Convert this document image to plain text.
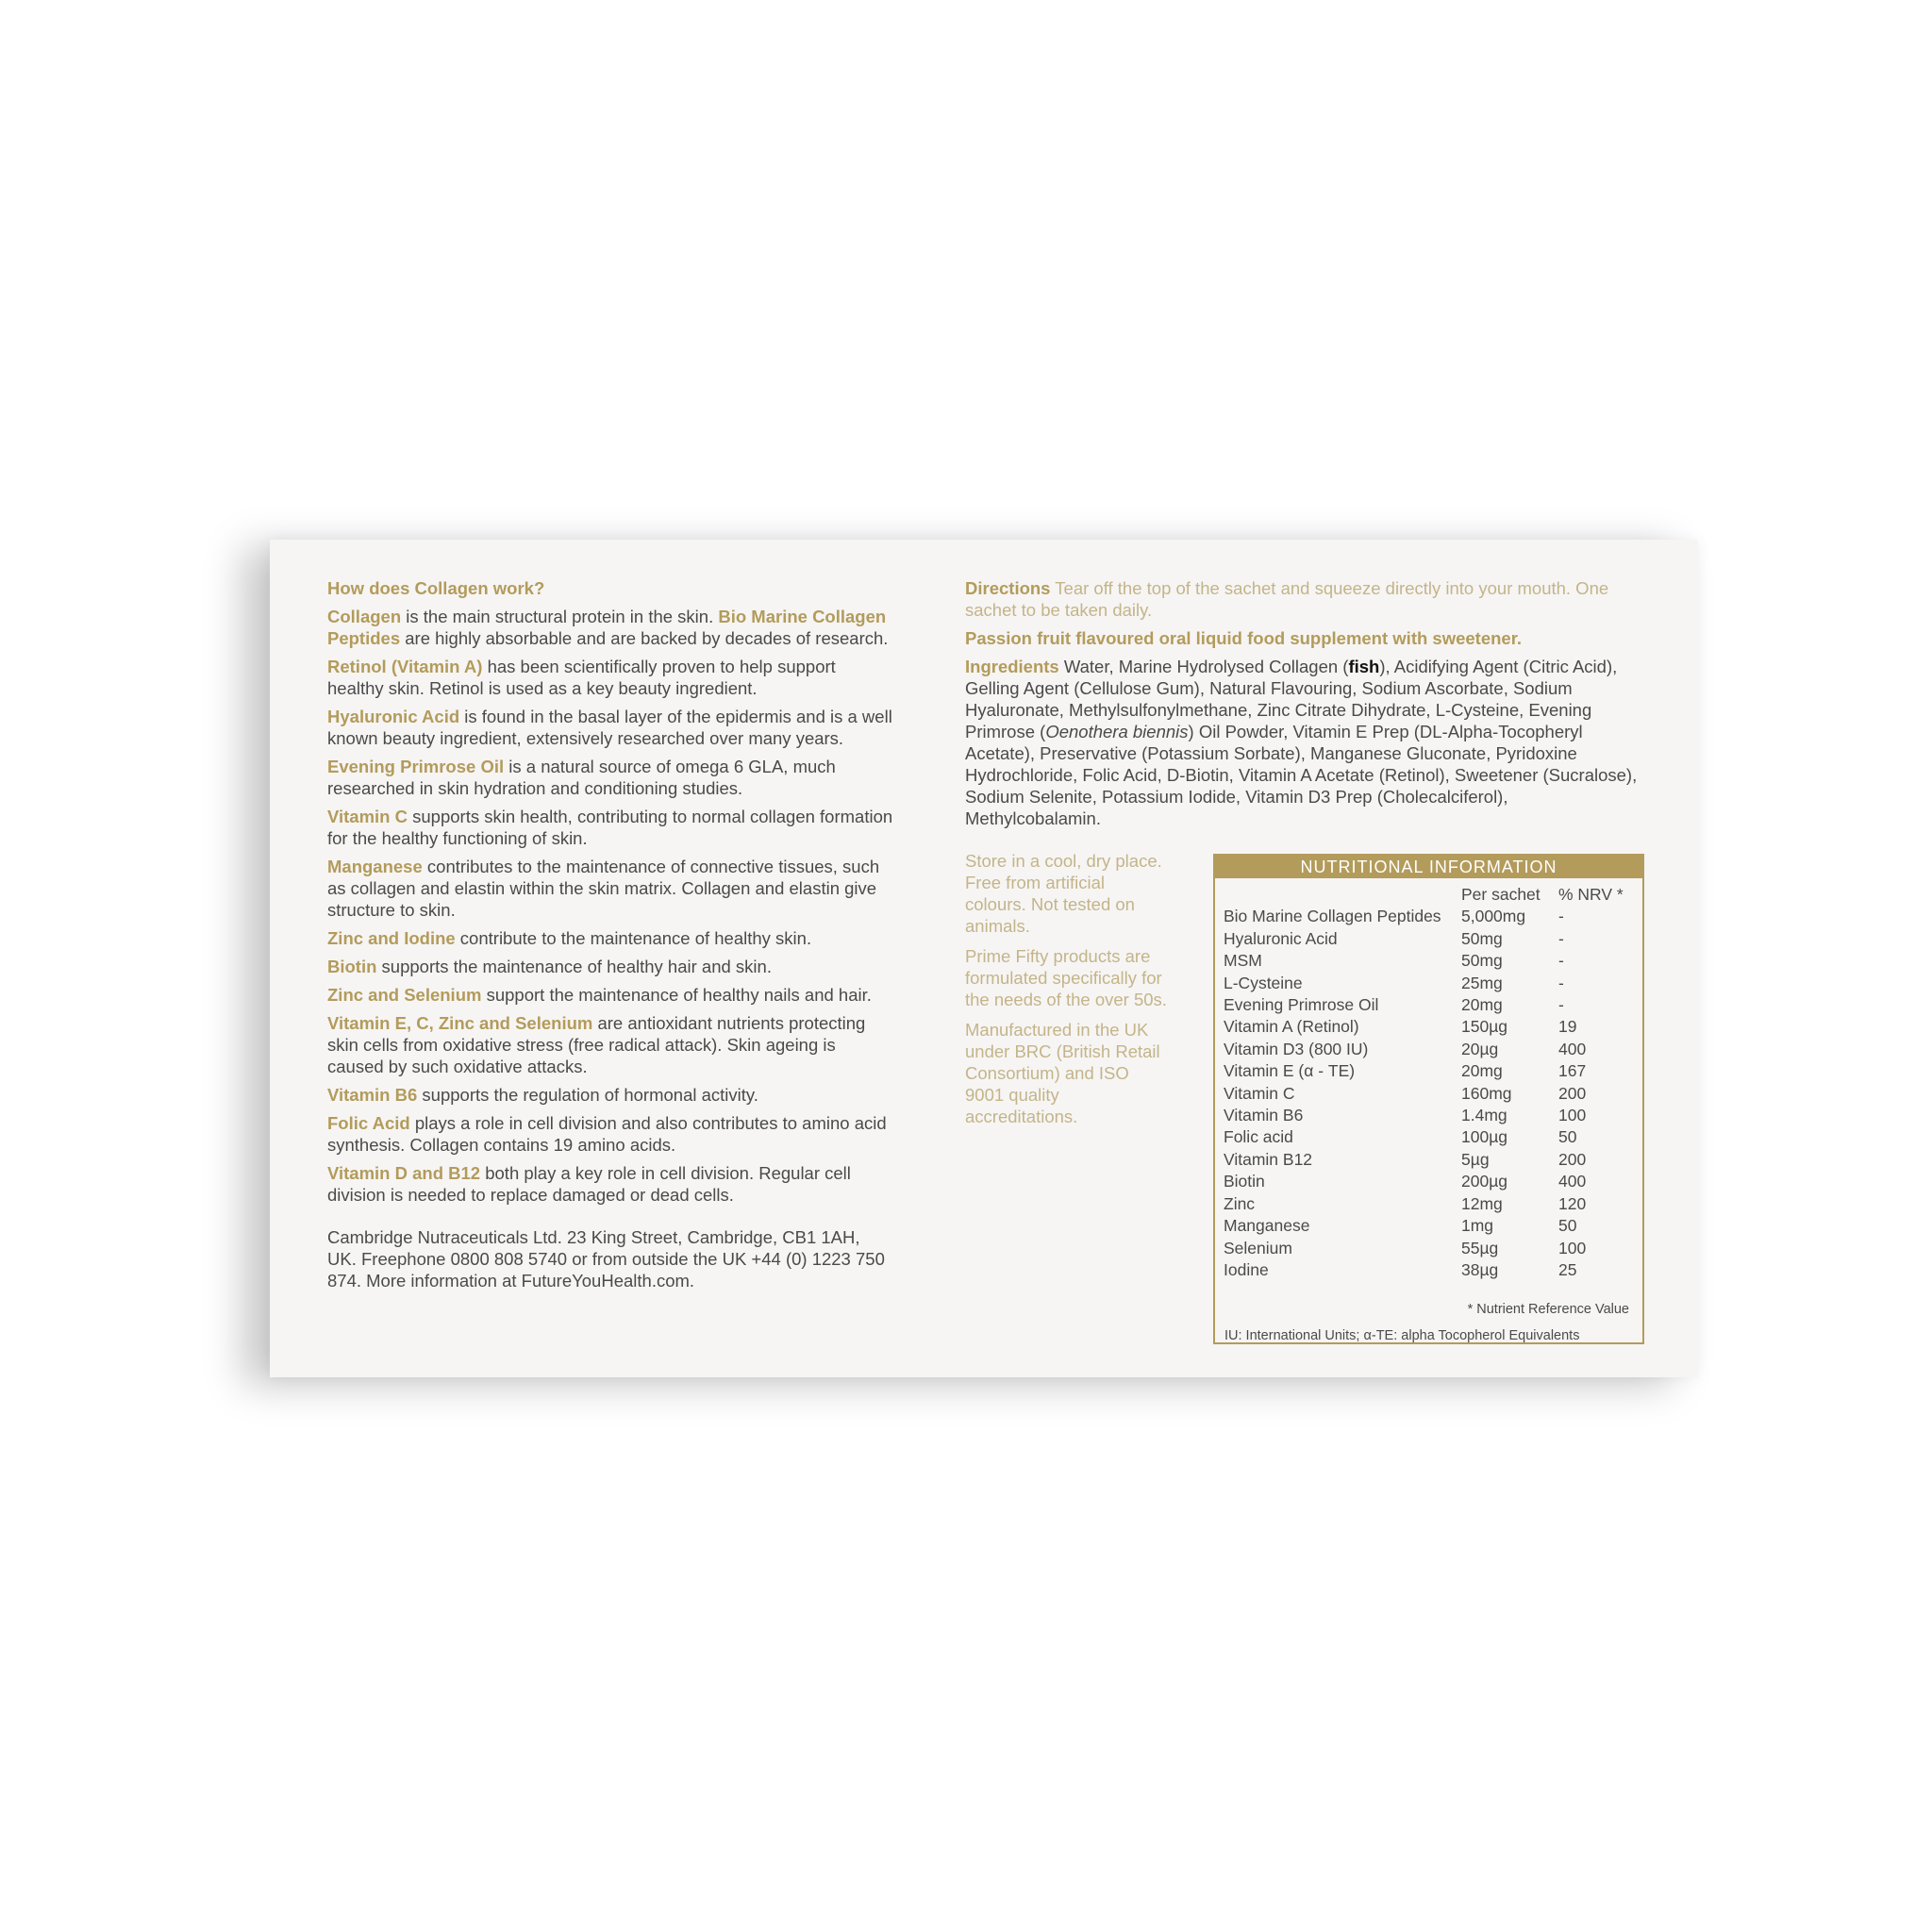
How does Collagen work?

Collagen is the main structural protein in the skin. Bio Marine Collagen Peptides are highly absorbable and are backed by decades of research.

Retinol (Vitamin A) has been scientifically proven to help support healthy skin. Retinol is used as a key beauty ingredient.

Hyaluronic Acid is found in the basal layer of the epidermis and is a well known beauty ingredient, extensively researched over many years.

Evening Primrose Oil is a natural source of omega 6 GLA, much researched in skin hydration and conditioning studies.

Vitamin C supports skin health, contributing to normal collagen formation for the healthy functioning of skin.

Manganese contributes to the maintenance of connective tissues, such as collagen and elastin within the skin matrix. Collagen and elastin give structure to skin.

Zinc and Iodine contribute to the maintenance of healthy skin.

Biotin supports the maintenance of healthy hair and skin.

Zinc and Selenium support the maintenance of healthy nails and hair.

Vitamin E, C, Zinc and Selenium are antioxidant nutrients protecting skin cells from oxidative stress (free radical attack). Skin ageing is caused by such oxidative attacks.

Vitamin B6 supports the regulation of hormonal activity.

Folic Acid plays a role in cell division and also contributes to amino acid synthesis. Collagen contains 19 amino acids.

Vitamin D and B12 both play a key role in cell division. Regular cell division is needed to replace damaged or dead cells.

Cambridge Nutraceuticals Ltd. 23 King Street, Cambridge, CB1 1AH, UK. Freephone 0800 808 5740 or from outside the UK +44 (0) 1223 750 874. More information at FutureYouHealth.com.

Directions Tear off the top of the sachet and squeeze directly into your mouth. One sachet to be taken daily.

Passion fruit flavoured oral liquid food supplement with sweetener.

Ingredients Water, Marine Hydrolysed Collagen (fish), Acidifying Agent (Citric Acid), Gelling Agent (Cellulose Gum), Natural Flavouring, Sodium Ascorbate, Sodium Hyaluronate, Methylsulfonylmethane, Zinc Citrate Dihydrate, L-Cysteine, Evening Primrose (Oenothera biennis) Oil Powder, Vitamin E Prep (DL-Alpha-Tocopheryl Acetate), Preservative (Potassium Sorbate), Manganese Gluconate, Pyridoxine Hydrochloride, Folic Acid, D-Biotin, Vitamin A Acetate (Retinol), Sweetener (Sucralose), Sodium Selenite, Potassium Iodide, Vitamin D3 Prep (Cholecalciferol), Methylcobalamin.

Store in a cool, dry place. Free from artificial colours. Not tested on animals.

Prime Fifty products are formulated specifically for the needs of the over 50s.

Manufactured in the UK under BRC (British Retail Consortium) and ISO 9001 quality accreditations.

NUTRITIONAL INFORMATION
	Per sachet	% NRV *
Bio Marine Collagen Peptides	5,000mg	-
Hyaluronic Acid	50mg	-
MSM	50mg	-
L-Cysteine	25mg	-
Evening Primrose Oil	20mg	-
Vitamin A (Retinol)	150µg	19
Vitamin D3 (800 IU)	20µg	400
Vitamin E (α - TE)	20mg	167
Vitamin C	160mg	200
Vitamin B6	1.4mg	100
Folic acid	100µg	50
Vitamin B12	5µg	200
Biotin	200µg	400
Zinc	12mg	120
Manganese	1mg	50
Selenium	55µg	100
Iodine	38µg	25
* Nutrient Reference Value
IU: International Units; α-TE: alpha Tocopherol Equivalents
